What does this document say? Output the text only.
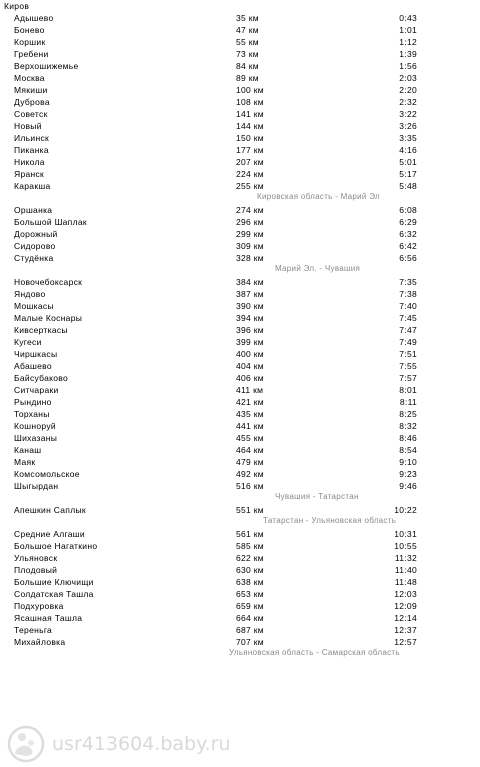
Киров
Адышево	35 км	0:43
Бонево	47 км	1:01
Коршик	55 км	1:12
Гребени	73 км	1:39
Верхошижемье	84 км	1:56
Москва	89 км	2:03
Мякиши	100 км	2:20
Дуброва	108 км	2:32
Советск	141 км	3:22
Новый	144 км	3:26
Ильинск	150 км	3:35
Пиканка	177 км	4:16
Никола	207 км	5:01
Яранск	224 км	5:17
Каракша	255 км	5:48
Оршанка	274 км	6:08
Большой Шаплак	296 км	6:29
Дорожный	299 км	6:32
Сидорово	309 км	6:42
Студёнка	328 км	6:56
Новочебоксарск	384 км	7:35
Яндово	387 км	7:38
Мошкасы	390 км	7:40
Малые Коснары	394 км	7:45
Кивсерткасы	396 км	7:47
Кугеси	399 км	7:49
Чиршкасы	400 км	7:51
Абашево	404 км	7:55
Байсубаково	406 км	7:57
Ситчараки	411 км	8:01
Рындино	421 км	8:11
Торханы	435 км	8:25
Кошноруй	441 км	8:32
Шихазаны	455 км	8:46
Канаш	464 км	8:54
Маяк	479 км	9:10
Комсомольское	492 км	9:23
Шыгырдан	516 км	9:46
Апешкин Саплык	551 км	10:22
Средние Алгаши	561 км	10:31
Большое Нагаткино	585 км	10:55
Ульяновск	622 км	11:32
Плодовый	630 км	11:40
Большие Ключищи	638 км	11:48
Солдатская Ташла	653 км	12:03
Подхуровка	659 км	12:09
Ясашная Ташла	664 км	12:14
Тереньга	687 км	12:37
Михайловка	707 км	12:57
Кировская область - Марий Эл
Марий Эл. - Чувашия
Чувашия - Татарстан
Татарстан - Ульяновская область
Ульяновская область - Самарская область
usr413604.baby.ru
